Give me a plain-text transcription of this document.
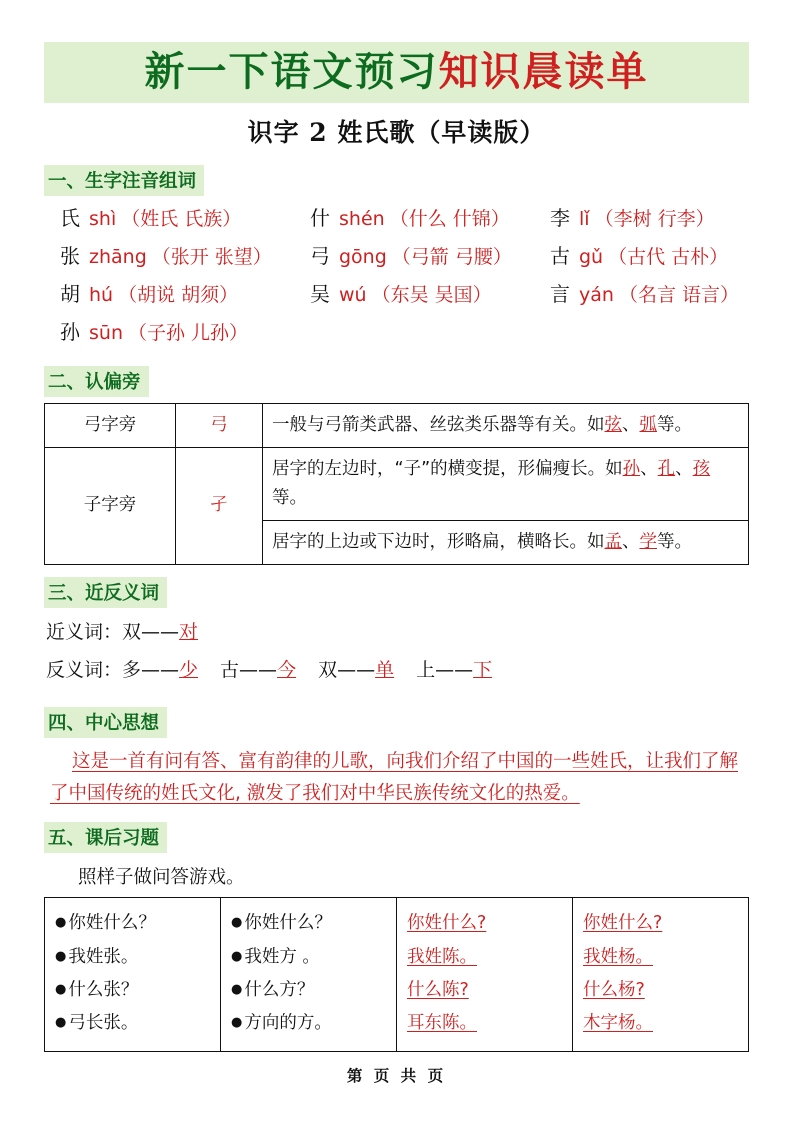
新一下语文预习知识晨读单
识字 2 姓氏歌（早读版）
一、生字注音组词
氏 shì （姓氏 氏族）	什 shén （什么 什锦） 李 lǐ （李树 行李）
张 zhāng （张开 张望） 弓 gōng （弓箭 弓腰） 古 gǔ （古代 古朴）
胡 hú （胡说 胡须）	吴 wú （东吴 吴国）	言 yán （名言 语言）
孙 sūn （子孙 儿孙）
二、认偏旁
弓字旁	弓	一般与弓箭类武器、丝弦类乐器等有关。如弦、弧等。
子字旁	孑	居字的左边时，“子”的横变提，形偏瘦长。如孙、孔、孩等。
		居字的上边或下边时，形略扁，横略长。如孟、学等。
三、近反义词
近义词：双——对
反义词：多——少 古——今 双——单 上——下
四、中心思想
这是一首有问有答、富有韵律的儿歌，向我们介绍了中国的一些姓氏，让我们了解了中国传统的姓氏文化, 激发了我们对中华民族传统文化的热爱。
五、课后习题
照样子做问答游戏。
● 你姓什么？
● 我姓张。
● 什么张？
● 弓长张。

● 你姓什么？
● 我姓方 。
● 什么方？
● 方向的方。

你姓什么?
我姓陈。
什么陈?
耳东陈。

你姓什么?
我姓杨。
什么杨?
木字杨。
第 页 共 页
